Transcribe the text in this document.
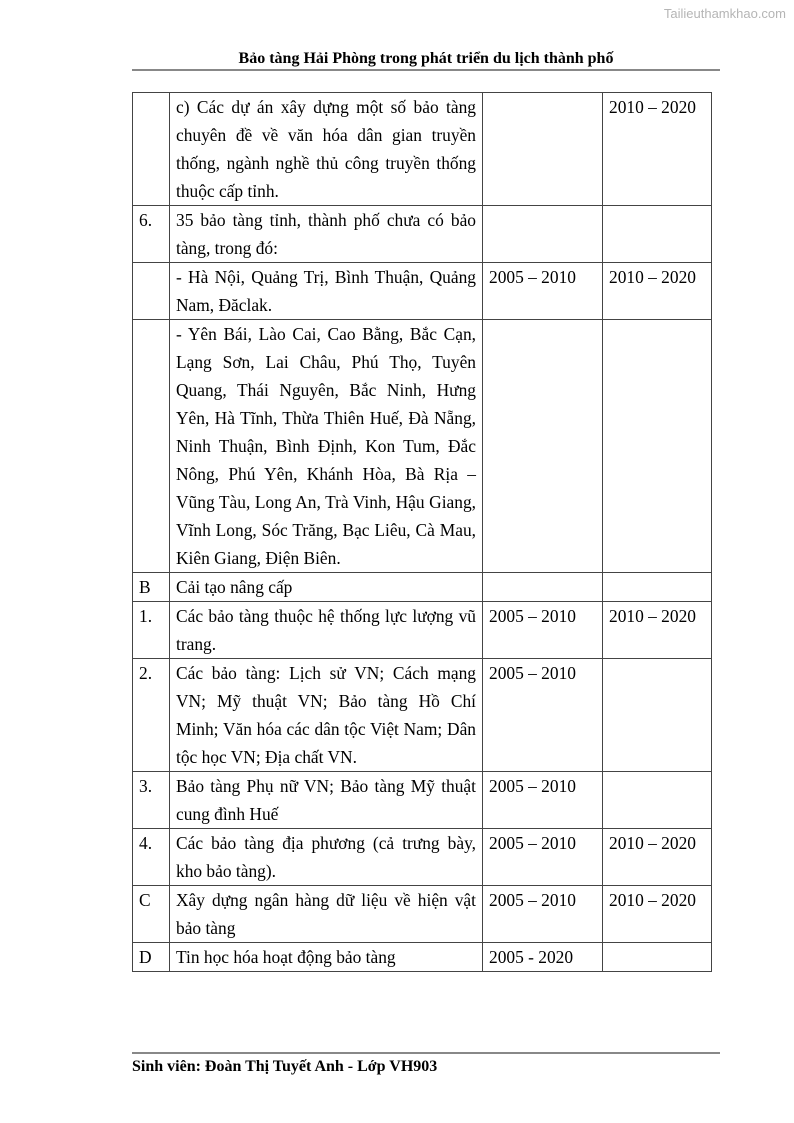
Tailieuthamkhao.com
Bảo tàng Hải Phòng trong phát triển du lịch thành phố
	c) Các dự án xây dựng một số bảo tàng chuyên đề về văn hóa dân gian truyền thống, ngành nghề thủ công truyền thống thuộc cấp tỉnh.		2010 – 2020
6.	35 bảo tàng tỉnh, thành phố chưa có bảo tàng, trong đó:		
	- Hà Nội, Quảng Trị, Bình Thuận, Quảng Nam, Đăclak.	2005 – 2010	2010 – 2020
	- Yên Bái, Lào Cai, Cao Bằng, Bắc Cạn, Lạng Sơn, Lai Châu, Phú Thọ, Tuyên Quang, Thái Nguyên, Bắc Ninh, Hưng Yên, Hà Tĩnh, Thừa Thiên Huế, Đà Nẵng, Ninh Thuận, Bình Định, Kon Tum, Đắc Nông, Phú Yên, Khánh Hòa, Bà Rịa – Vũng Tàu, Long An, Trà Vinh, Hậu Giang, Vĩnh Long, Sóc Trăng, Bạc Liêu, Cà Mau, Kiên Giang, Điện Biên.		
B	Cải tạo nâng cấp		
1.	Các bảo tàng thuộc hệ thống lực lượng vũ trang.	2005 – 2010	2010 – 2020
2.	Các bảo tàng: Lịch sử VN; Cách mạng VN; Mỹ thuật VN; Bảo tàng Hồ Chí Minh; Văn hóa các dân tộc Việt Nam; Dân tộc học VN; Địa chất VN.	2005 – 2010	
3.	Bảo tàng Phụ nữ VN; Bảo tàng Mỹ thuật cung đình Huế	2005 – 2010	
4.	Các bảo tàng địa phương (cả trưng bày, kho bảo tàng).	2005 – 2010	2010 – 2020
C	Xây dựng ngân hàng dữ liệu về hiện vật bảo tàng	2005 – 2010	2010 – 2020
D	Tin học hóa hoạt động bảo tàng	2005 - 2020	
Sinh viên: Đoàn Thị Tuyết Anh - Lớp VH903
